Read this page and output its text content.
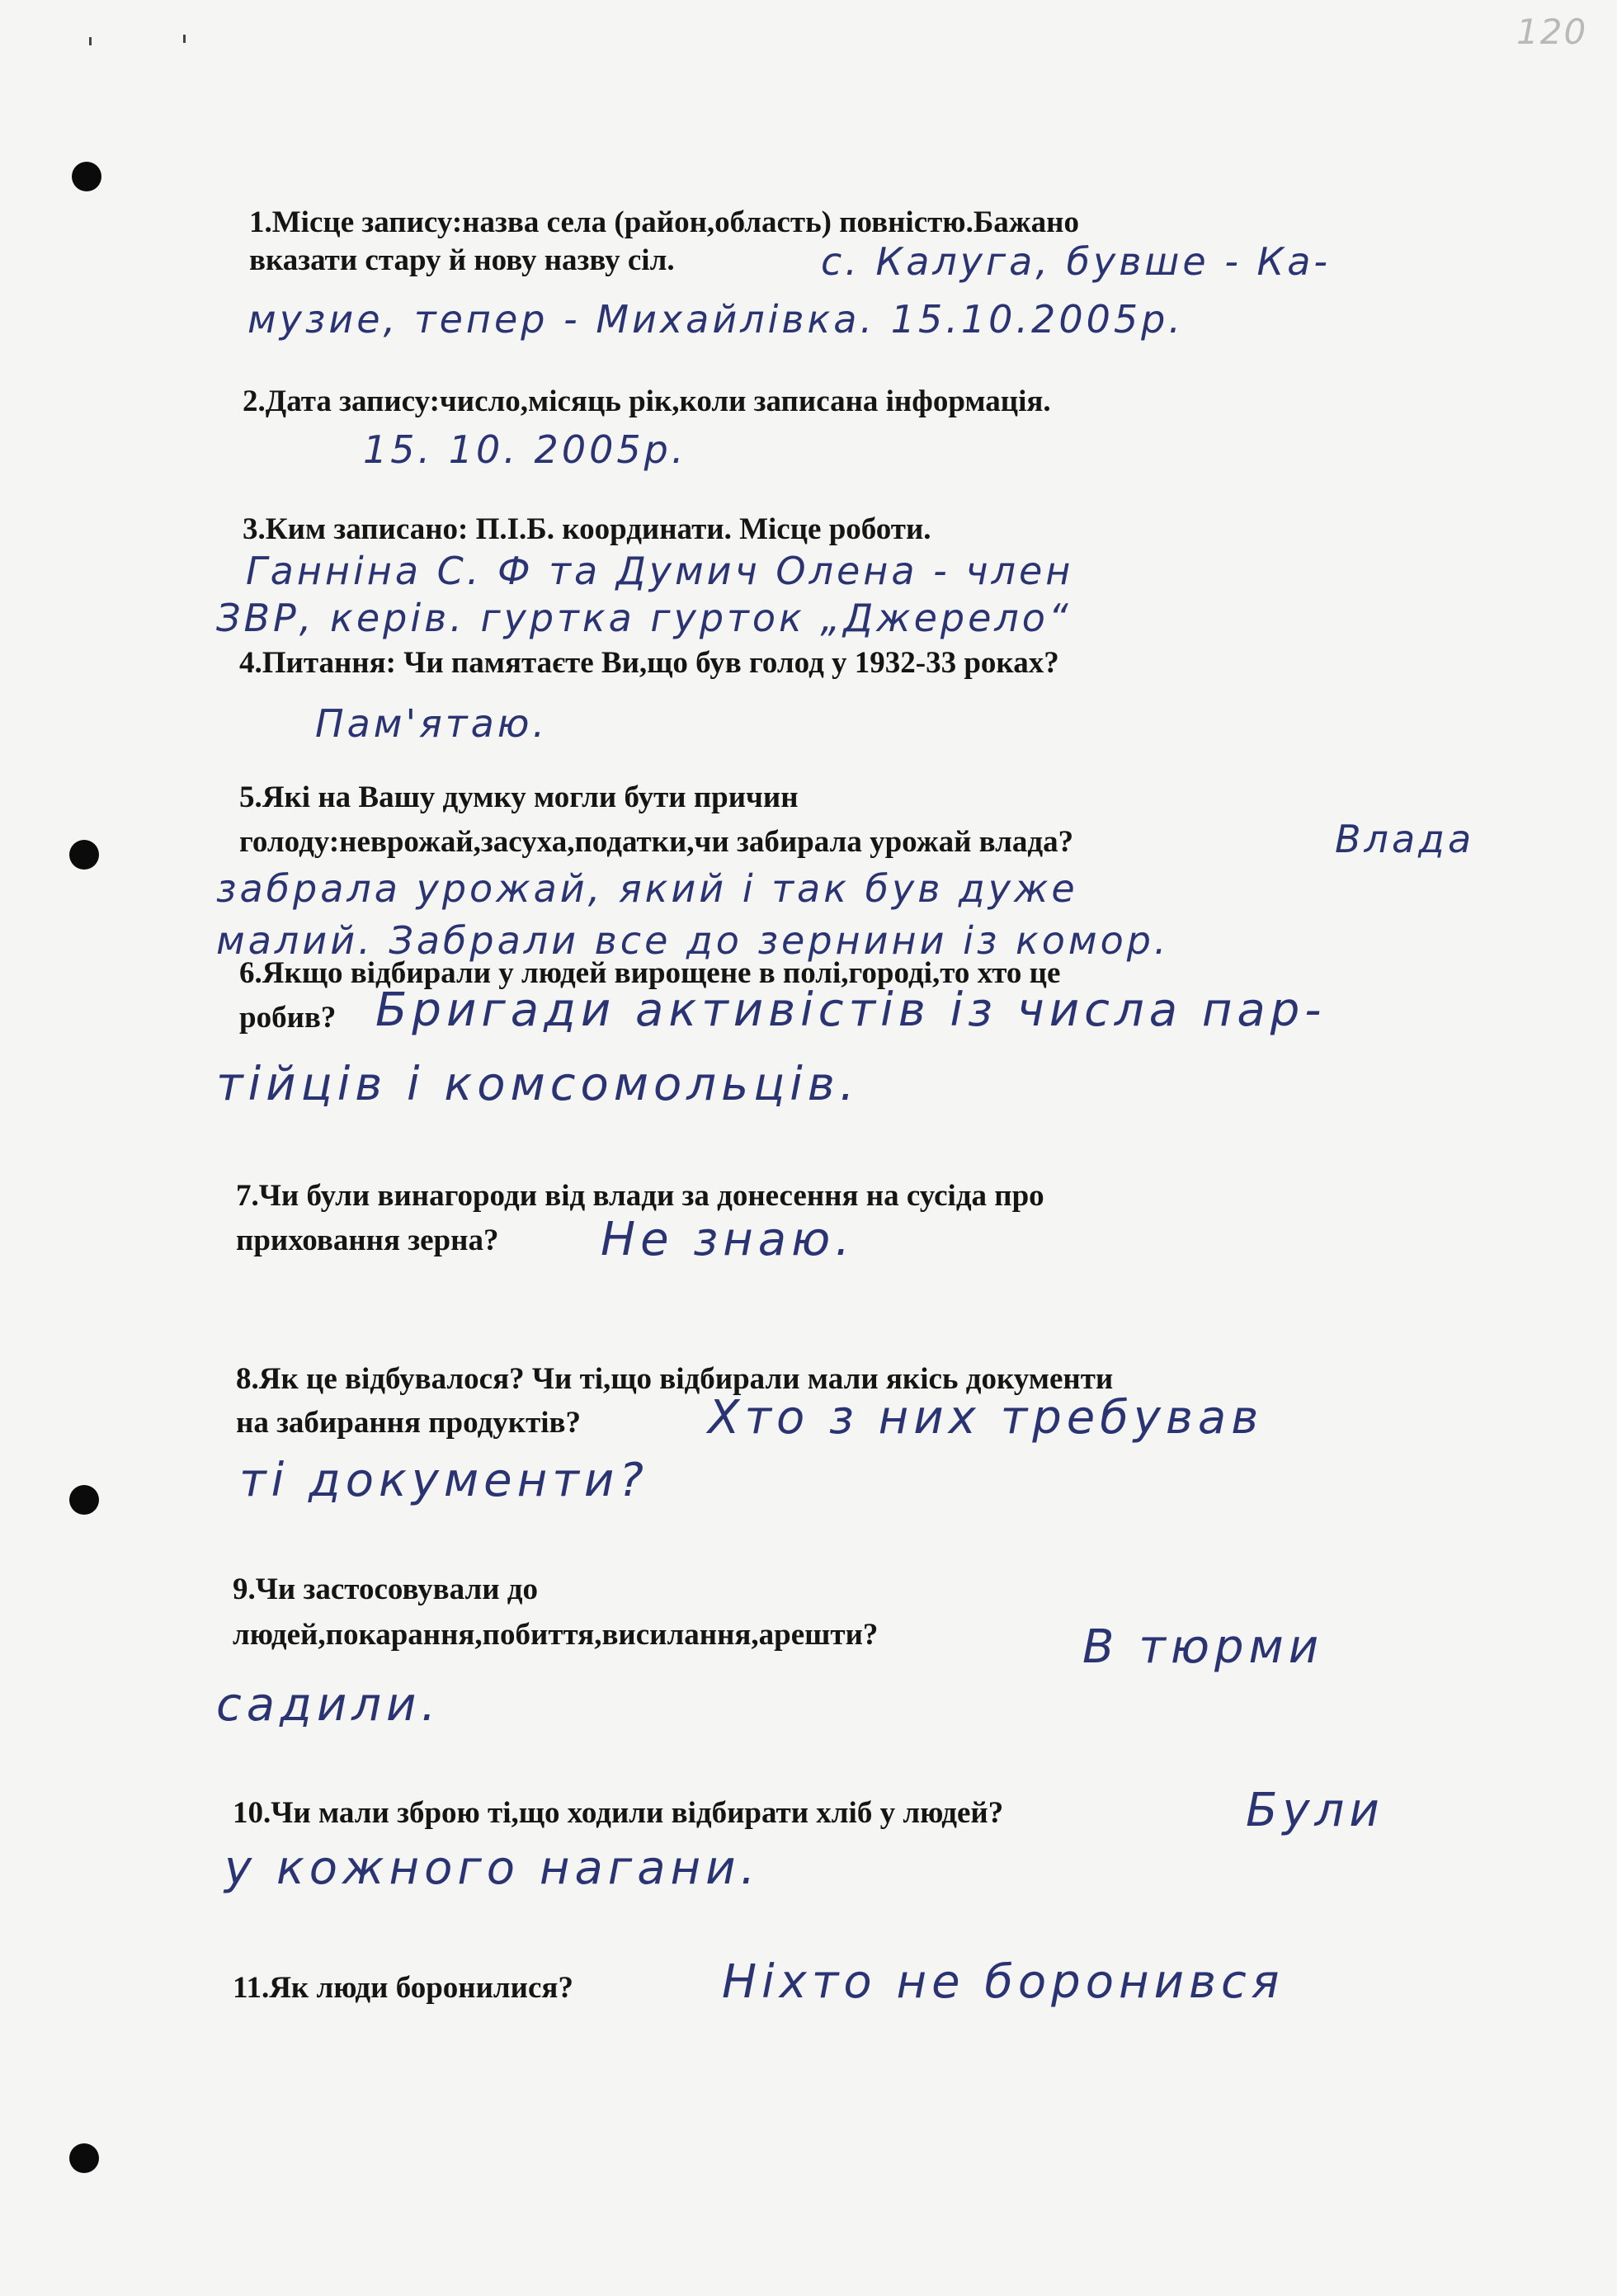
120

1.Місце запису:назва села (район,область) повністю.Бажано

вказати стару й нову назву сіл.	с. Калуга, бувше - Ка-
музиe, тепер - Михайлівка. 15.10.2005р.

2.Дата запису:число,місяць рік,коли записана інформація.

15. 10. 2005р.

3.Ким записано: П.І.Б. координати. Місце роботи.

Ганніна С. Ф та Думич Олена - член
ЗВР, керів. гуртка гурток „Джерело“

4.Питання: Чи памятаєте Ви,що був голод у 1932-33 роках?

Пам'ятаю.

5.Які на Вашу думку могли бути причин

голоду:неврожай,засуха,податки,чи забирала урожай влада?	Влада
забрала урожай, який і так був дуже
малий. Забрали все до зернини із комор.

6.Якщо відбирали у людей вирощене в полі,городі,то хто це

робив? Бригади активістів із числа пар-
тійців і комсомольців.

7.Чи були винагороди від влади за донесення на сусіда про

приховання зерна? Не знаю.

8.Як це відбувалося? Чи ті,що відбирали мали якісь документи

на забирання продуктів?	Хто з них требував
ті документи?

9.Чи застосовували до

людей,покарання,побиття,висилання,арешти?	В тюрми
садили.

10.Чи мали зброю ті,що ходили відбирати хліб у людей?	Були
у кожного нагани.

11.Як люди боронилися?	Ніхто не боронився
